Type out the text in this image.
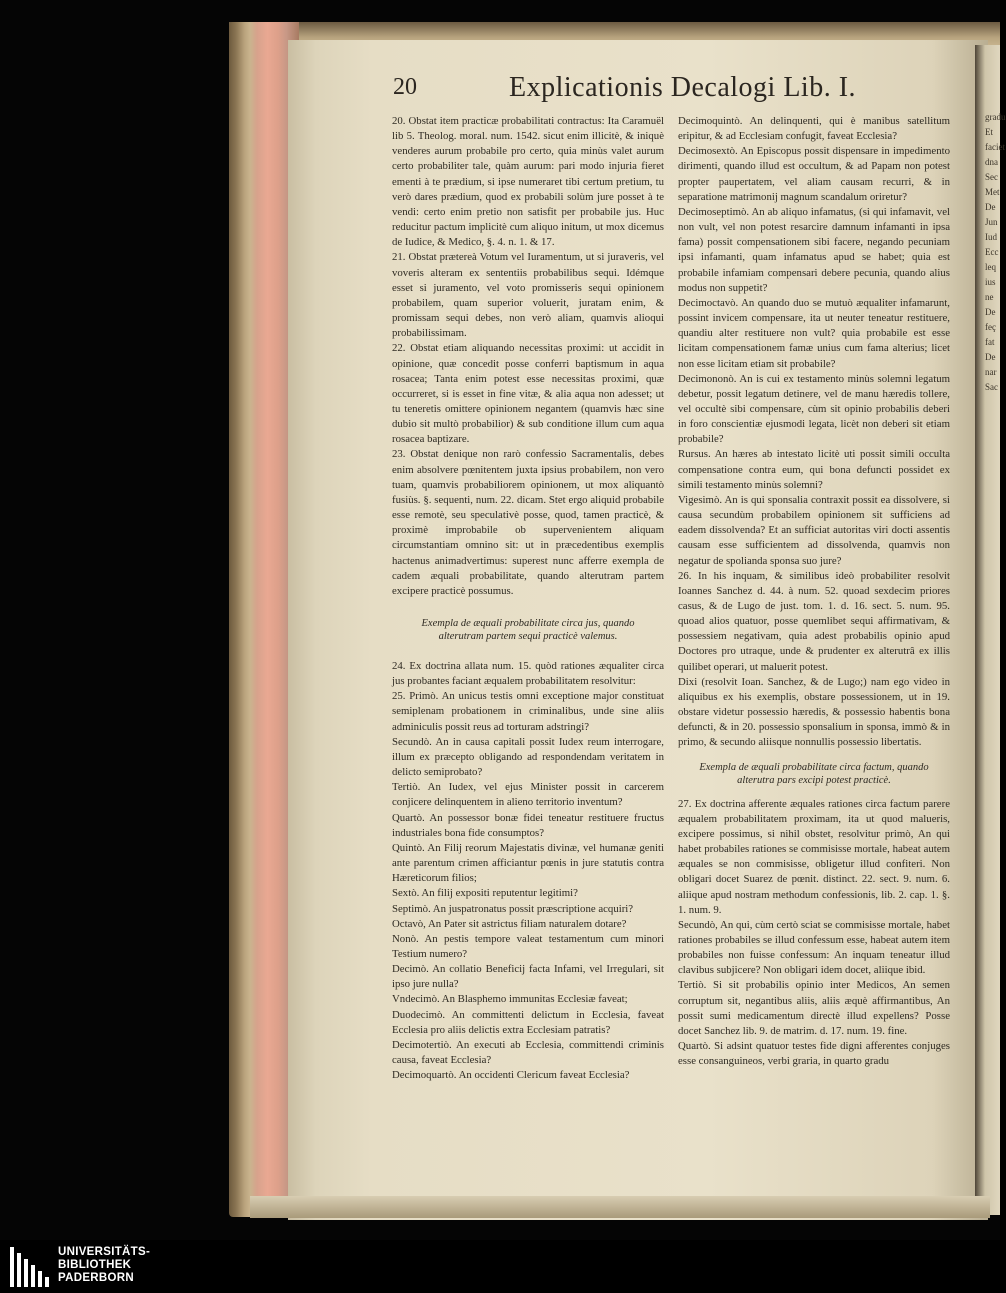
gradu Et faciet dna Sec Met De Jun Iud Ecc leq ius ne De feç fat De nar Sac
20	Explicationis Decalogi Lib. I.

20. Obstat item practicæ probabilitati contractus: Ita Caramuël lib 5. Theolog. moral. num. 1542. sicut enim illicitè, & iniquè venderes aurum probabile pro certo, quia minùs valet aurum certo probabiliter tale, quàm aurum: pari modo injuria fieret ementi à te prædium, si ipse numeraret tibi certum pretium, tu verò dares prædium, quod ex probabili solùm jure posset à te vendi: certo enim pretio non satisfit per probabile jus. Huc reducitur pactum implicitè cum aliquo initum, ut mox dicemus de Iudice, & Medico, §. 4. n. 1. & 17.

21. Obstat prætereà Votum vel Iuramentum, ut si juraveris, vel voveris alteram ex sententiis probabilibus sequi. Idémque esset si juramento, vel voto promisseris sequi opinionem probabilem, quam superior voluerit, juratam enim, & promissam sequi debes, non verò aliam, quamvis alioqui probabilissimam.

22. Obstat etiam aliquando necessitas proximi: ut accidit in opinione, quæ concedit posse conferri baptismum in aqua rosacea; Tanta enim potest esse necessitas proximi, quæ occurreret, si is esset in fine vitæ, & alia aqua non adesset; ut tu teneretis omittere opinionem negantem (quamvis hæc sine dubio sit multò probabilior) & sub conditione illum cum aqua rosacea baptizare.

23. Obstat denique non rarò confessio Sacramentalis, debes enim absolvere pœnitentem juxta ipsius probabilem, non vero tuam, quamvis probabiliorem opinionem, ut mox aliquantò fusiùs. §. sequenti, num. 22. dicam. Stet ergo aliquid probabile esse remotè, seu speculativè posse, quod, tamen practicè, & proximè improbabile ob supervenientem aliquam circumstantiam omnino sit: ut in præcedentibus exemplis hactenus animadvertimus: superest nunc afferre exempla de cadem æquali probabilitate, quando alterutram partem excipere practicè possumus.

Exempla de æquali probabilitate circa jus, quando alterutram partem sequi practicè valemus.

24. Ex doctrina allata num. 15. quòd rationes æqualiter circa jus probantes faciant æqualem probabilitatem resolvitur:

25. Primò. An unicus testis omni exceptione major constituat semiplenam probationem in criminalibus, unde sine aliis adminiculis possit reus ad torturam adstringi?

Secundò. An in causa capitali possit Iudex reum interrogare, illum ex præcepto obligando ad respondendam veritatem in delicto semiprobato?

Tertiò. An Iudex, vel ejus Minister possit in carcerem conjicere delinquentem in alieno territorio inventum?

Quartò. An possessor bonæ fidei teneatur restituere fructus industriales bona fide consumptos?

Quintò. An Filij reorum Majestatis divinæ, vel humanæ geniti ante parentum crimen afficiantur pœnis in jure statutis contra Hæreticorum filios;

Sextò. An filij expositi reputentur legitimi?

Septimò. An juspatronatus possit præscriptione acquiri?

Octavò, An Pater sit astrictus filiam naturalem dotare?

Nonò. An pestis tempore valeat testamentum cum minori Testium numero?

Decimò. An collatio Beneficij facta Infami, vel Irregulari, sit ipso jure nulla?

Vndecimò. An Blasphemo immunitas Ecclesiæ faveat;

Duodecimò. An committenti delictum in Ecclesia, faveat Ecclesia pro aliis delictis extra Ecclesiam patratis?

Decimotertiò. An executi ab Ecclesia, committendi criminis causa, faveat Ecclesia?

Decimoquartò. An occidenti Clericum faveat Ecclesia?

Decimoquintò. An delinquenti, qui è manibus satellitum eripitur, & ad Ecclesiam confugit, faveat Ecclesia?

Decimosextò. An Episcopus possit dispensare in impedimento dirimenti, quando illud est occultum, & ad Papam non potest propter paupertatem, vel aliam causam recurri, & in separatione matrimonij magnum scandalum oriretur?

Decimoseptimò. An ab aliquo infamatus, (si qui infamavit, vel non vult, vel non potest resarcire damnum infamanti in ipsa fama) possit compensationem sibi facere, negando pecuniam ipsi infamanti, quam infamatus apud se habet; quia est probabile infamiam compensari debere pecunia, quando alius modus non suppetit?

Decimoctavò. An quando duo se mutuò æqualiter infamarunt, possint invicem compensare, ita ut neuter teneatur restituere, quandiu alter restituere non vult? quia probabile est esse licitam compensationem famæ unius cum fama alterius; licet non esse licitam etiam sit probabile?

Decimononò. An is cui ex testamento minùs solemni legatum debetur, possit legatum detinere, vel de manu hæredis tollere, vel occultè sibi compensare, cùm sit opinio probabilis deberi in foro conscientiæ ejusmodi legata, licèt non deberi sit etiam probabile?

Rursus. An hæres ab intestato licitè uti possit simili occulta compensatione contra eum, qui bona defuncti possidet ex simili testamento minùs solemni?

Vigesimò. An is qui sponsalia contraxit possit ea dissolvere, si causa secundùm probabilem opinionem sit sufficiens ad eadem dissolvenda? Et an sufficiat autoritas viri docti assentis causam esse sufficientem ad dissolvenda, quamvis non negatur de spolianda sponsa suo jure?

26. In his inquam, & similibus ideò probabiliter resolvit Ioannes Sanchez d. 44. à num. 52. quoad sexdecim priores casus, & de Lugo de just. tom. 1. d. 16. sect. 5. num. 95. quoad alios quatuor, posse quemlibet sequi affirmativam, & possessiem negativam, quia adest probabilis opinio apud Doctores pro utraque, unde & prudenter ex alterutrâ ex illis quilibet operari, ut maluerit potest.

Dixi (resolvit Ioan. Sanchez, & de Lugo;) nam ego video in aliquibus ex his exemplis, obstare possessionem, ut in 19. obstare videtur possessio hæredis, & possessio habentis bona defuncti, & in 20. possessio sponsalium in sponsa, immò & in primo, & secundo aliisque nonnullis possessio libertatis.

Exempla de æquali probabilitate circa factum, quando alterutra pars excipi potest practicè.

27. Ex doctrina afferente æquales rationes circa factum parere æqualem probabilitatem proximam, ita ut quod malueris, excipere possimus, si nihil obstet, resolvitur primò, An qui habet probabiles rationes se commisisse mortale, habeat autem æquales se non commisisse, obligetur illud confiteri. Non obligari docet Suarez de pœnit. distinct. 22. sect. 9. num. 6. aliique apud nostram methodum confessionis, lib. 2. cap. 1. §. 1. num. 9.

Secundò, An qui, cùm certò sciat se commisisse mortale, habet rationes probabiles se illud confessum esse, habeat autem item probabiles non fuisse confessum: An inquam teneatur illud clavibus subjicere? Non obligari idem docet, aliique ibid.

Tertiò. Si sit probabilis opinio inter Medicos, An semen corruptum sit, negantibus aliis, aliis æquè affirmantibus, An possit sumi medicamentum directè illud expellens? Posse docet Sanchez lib. 9. de matrim. d. 17. num. 19. fine.

Quartò. Si adsint quatuor testes fide digni afferentes conjuges esse consanguineos, verbi graria, in quarto gradu

UNIVERSITÄTS-
BIBLIOTHEK
PADERBORN
